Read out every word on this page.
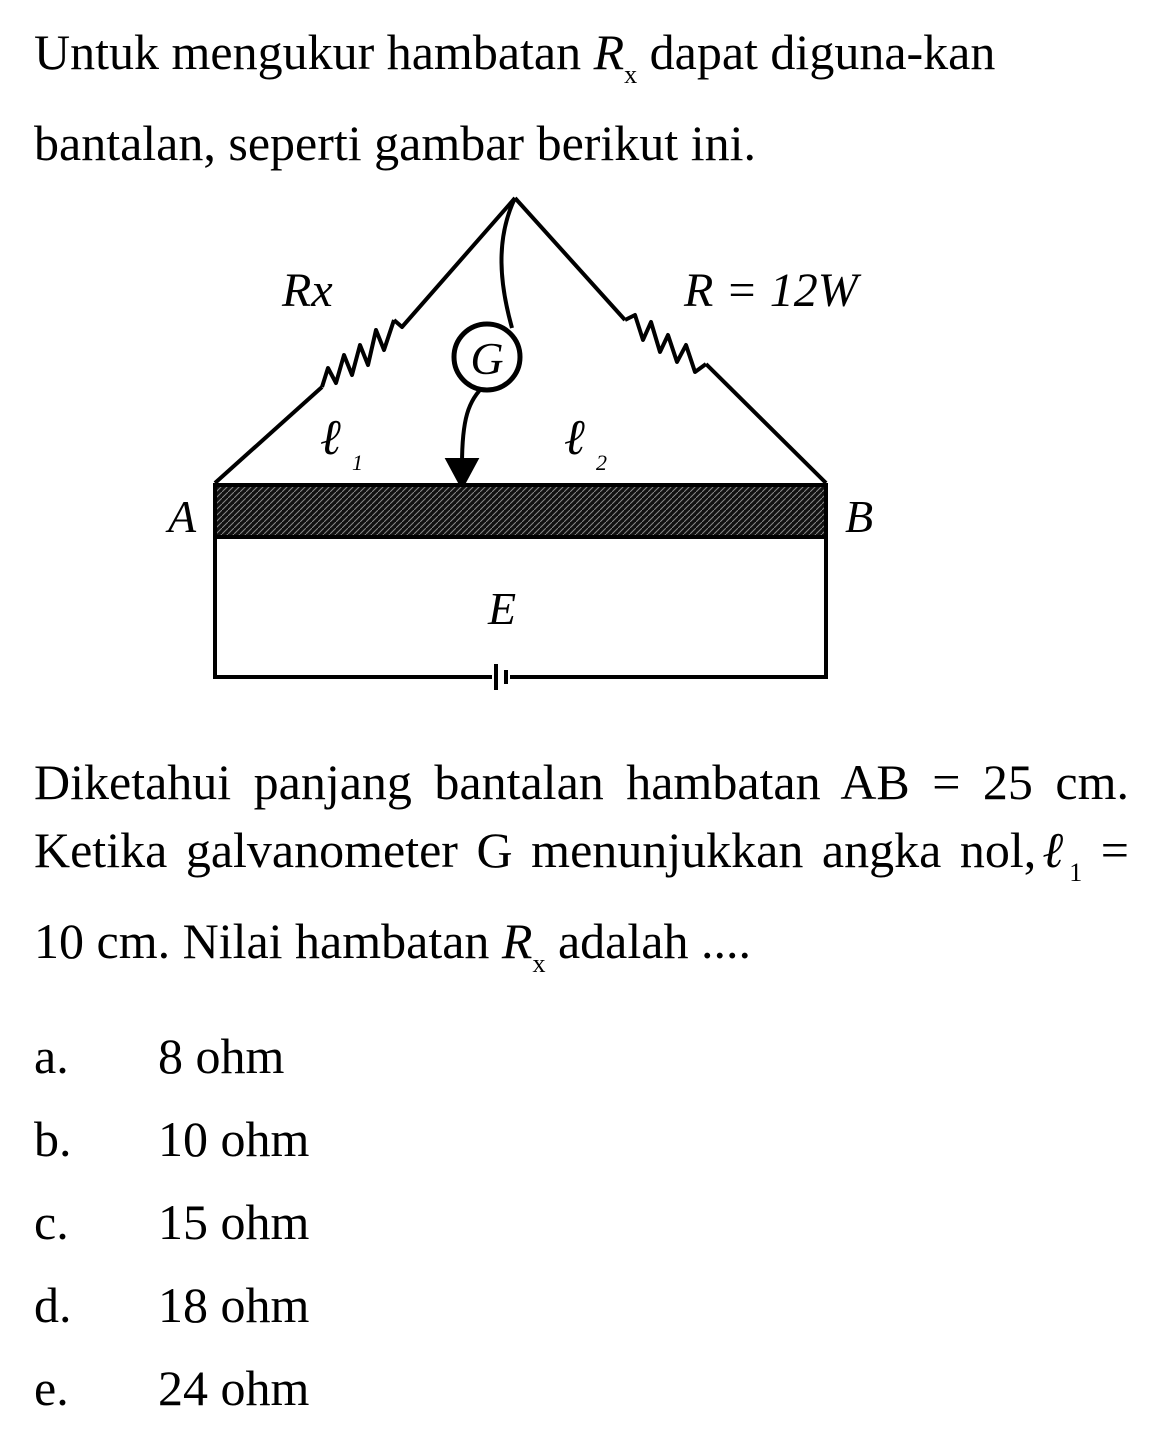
Untuk mengukur hambatan $R_x$ dapat diguna-kan bantalan, seperti gambar berikut ini.

G
Rx	R = 12W
ℓ 1	ℓ 2
A	B
E

Diketahui panjang bantalan hambatan AB = 25 cm. Ketika galvanometer G menunjukkan angka nol,ℓ$_1$ = 10 cm. Nilai hambatan $R_x$ adalah ....

a. 8 ohm
b. 10 ohm
c. 15 ohm
d. 18 ohm
e. 24 ohm
